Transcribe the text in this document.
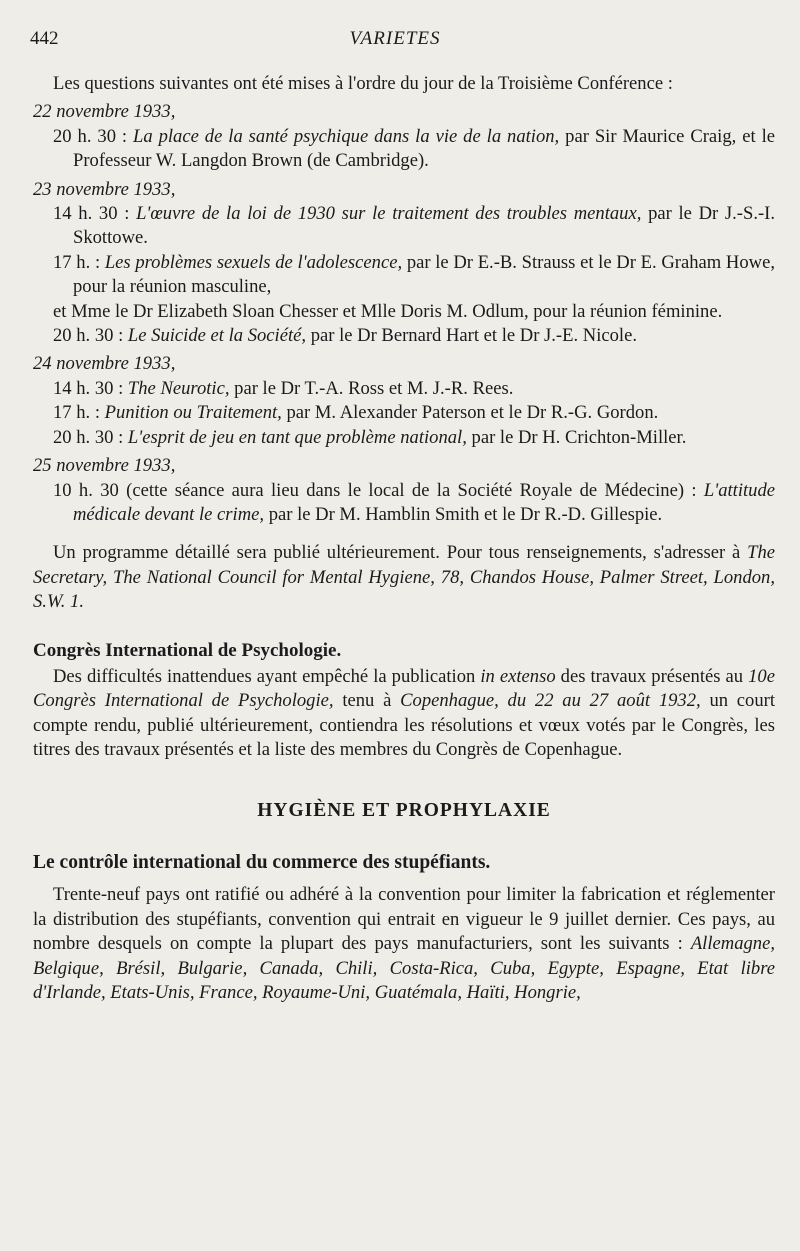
442	VARIETES

Les questions suivantes ont été mises à l'ordre du jour de la Troisième Conférence :

22 novembre 1933,

20 h. 30 : La place de la santé psychique dans la vie de la nation, par Sir Maurice Craig, et le Professeur W. Langdon Brown (de Cambridge).

23 novembre 1933,

14 h. 30 : L'œuvre de la loi de 1930 sur le traitement des troubles mentaux, par le Dr J.-S.-I. Skottowe.

17 h. : Les problèmes sexuels de l'adolescence, par le Dr E.-B. Strauss et le Dr E. Graham Howe, pour la réunion masculine,

et Mme le Dr Elizabeth Sloan Chesser et Mlle Doris M. Odlum, pour la réunion féminine.

20 h. 30 : Le Suicide et la Société, par le Dr Bernard Hart et le Dr J.-E. Nicole.

24 novembre 1933,

14 h. 30 : The Neurotic, par le Dr T.-A. Ross et M. J.-R. Rees.

17 h. : Punition ou Traitement, par M. Alexander Paterson et le Dr R.-G. Gordon.

20 h. 30 : L'esprit de jeu en tant que problème national, par le Dr H. Crichton-Miller.

25 novembre 1933,

10 h. 30 (cette séance aura lieu dans le local de la Société Royale de Médecine) : L'attitude médicale devant le crime, par le Dr M. Hamblin Smith et le Dr R.-D. Gillespie.

Un programme détaillé sera publié ultérieurement. Pour tous renseignements, s'adresser à The Secretary, The National Council for Mental Hygiene, 78, Chandos House, Palmer Street, London, S.W. 1.

Congrès International de Psychologie.

Des difficultés inattendues ayant empêché la publication in extenso des travaux présentés au 10e Congrès International de Psychologie, tenu à Copenhague, du 22 au 27 août 1932, un court compte rendu, publié ultérieurement, contiendra les résolutions et vœux votés par le Congrès, les titres des travaux présentés et la liste des membres du Congrès de Copenhague.

HYGIÈNE ET PROPHYLAXIE
Le contrôle international du commerce des stupéfiants.

Trente-neuf pays ont ratifié ou adhéré à la convention pour limiter la fabrication et réglementer la distribution des stupéfiants, convention qui entrait en vigueur le 9 juillet dernier. Ces pays, au nombre desquels on compte la plupart des pays manufacturiers, sont les suivants : Allemagne, Belgique, Brésil, Bulgarie, Canada, Chili, Costa-Rica, Cuba, Egypte, Espagne, Etat libre d'Irlande, Etats-Unis, France, Royaume-Uni, Guatémala, Haïti, Hongrie,
